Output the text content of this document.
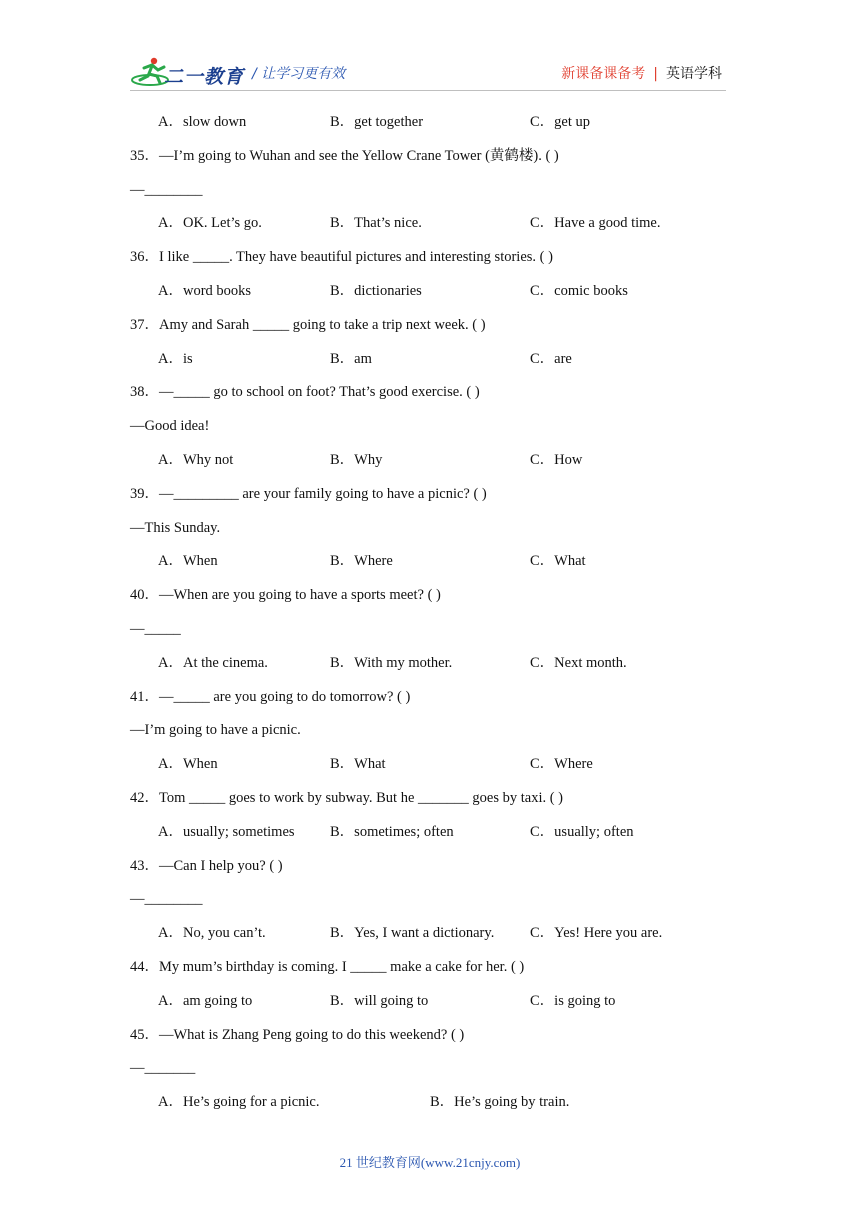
二一教育 / 让学习更有效	新课备课备考 | 英语学科
A．slow down	B．get together	C．get up
35．—I’m going to Wuhan and see the Yellow Crane Tower (黄鹤楼). ( )
—________
A．OK. Let’s go.	B．That’s nice.	C．Have a good time.
36．I like _____. They have beautiful pictures and interesting stories. ( )
A．word books	B．dictionaries	C．comic books
37．Amy and Sarah _____ going to take a trip next week. ( )
A．is	B．am	C．are
38．—_____ go to school on foot? That’s good exercise. ( )
—Good idea!
A．Why not	B．Why	C．How
39．—_________ are your family going to have a picnic? ( )
—This Sunday.
A．When	B．Where	C．What
40．—When are you going to have a sports meet? ( )
—_____
A．At the cinema.	B．With my mother.	C．Next month.
41．—_____ are you going to do tomorrow? ( )
—I’m going to have a picnic.
A．When	B．What	C．Where
42．Tom _____ goes to work by subway. But he _______ goes by taxi. ( )
A．usually; sometimes B．sometimes; often	C．usually; often
43．—Can I help you? ( )
—________
A．No, you can’t.	B．Yes, I want a dictionary. C．Yes! Here you are.
44．My mum’s birthday is coming. I _____ make a cake for her. ( )
A．am going to	B．will going to	C．is going to
45．—What is Zhang Peng going to do this weekend? ( )
—_______
A．He’s going for a picnic.	B．He’s going by train.
21 世纪教育网(www.21cnjy.com)
